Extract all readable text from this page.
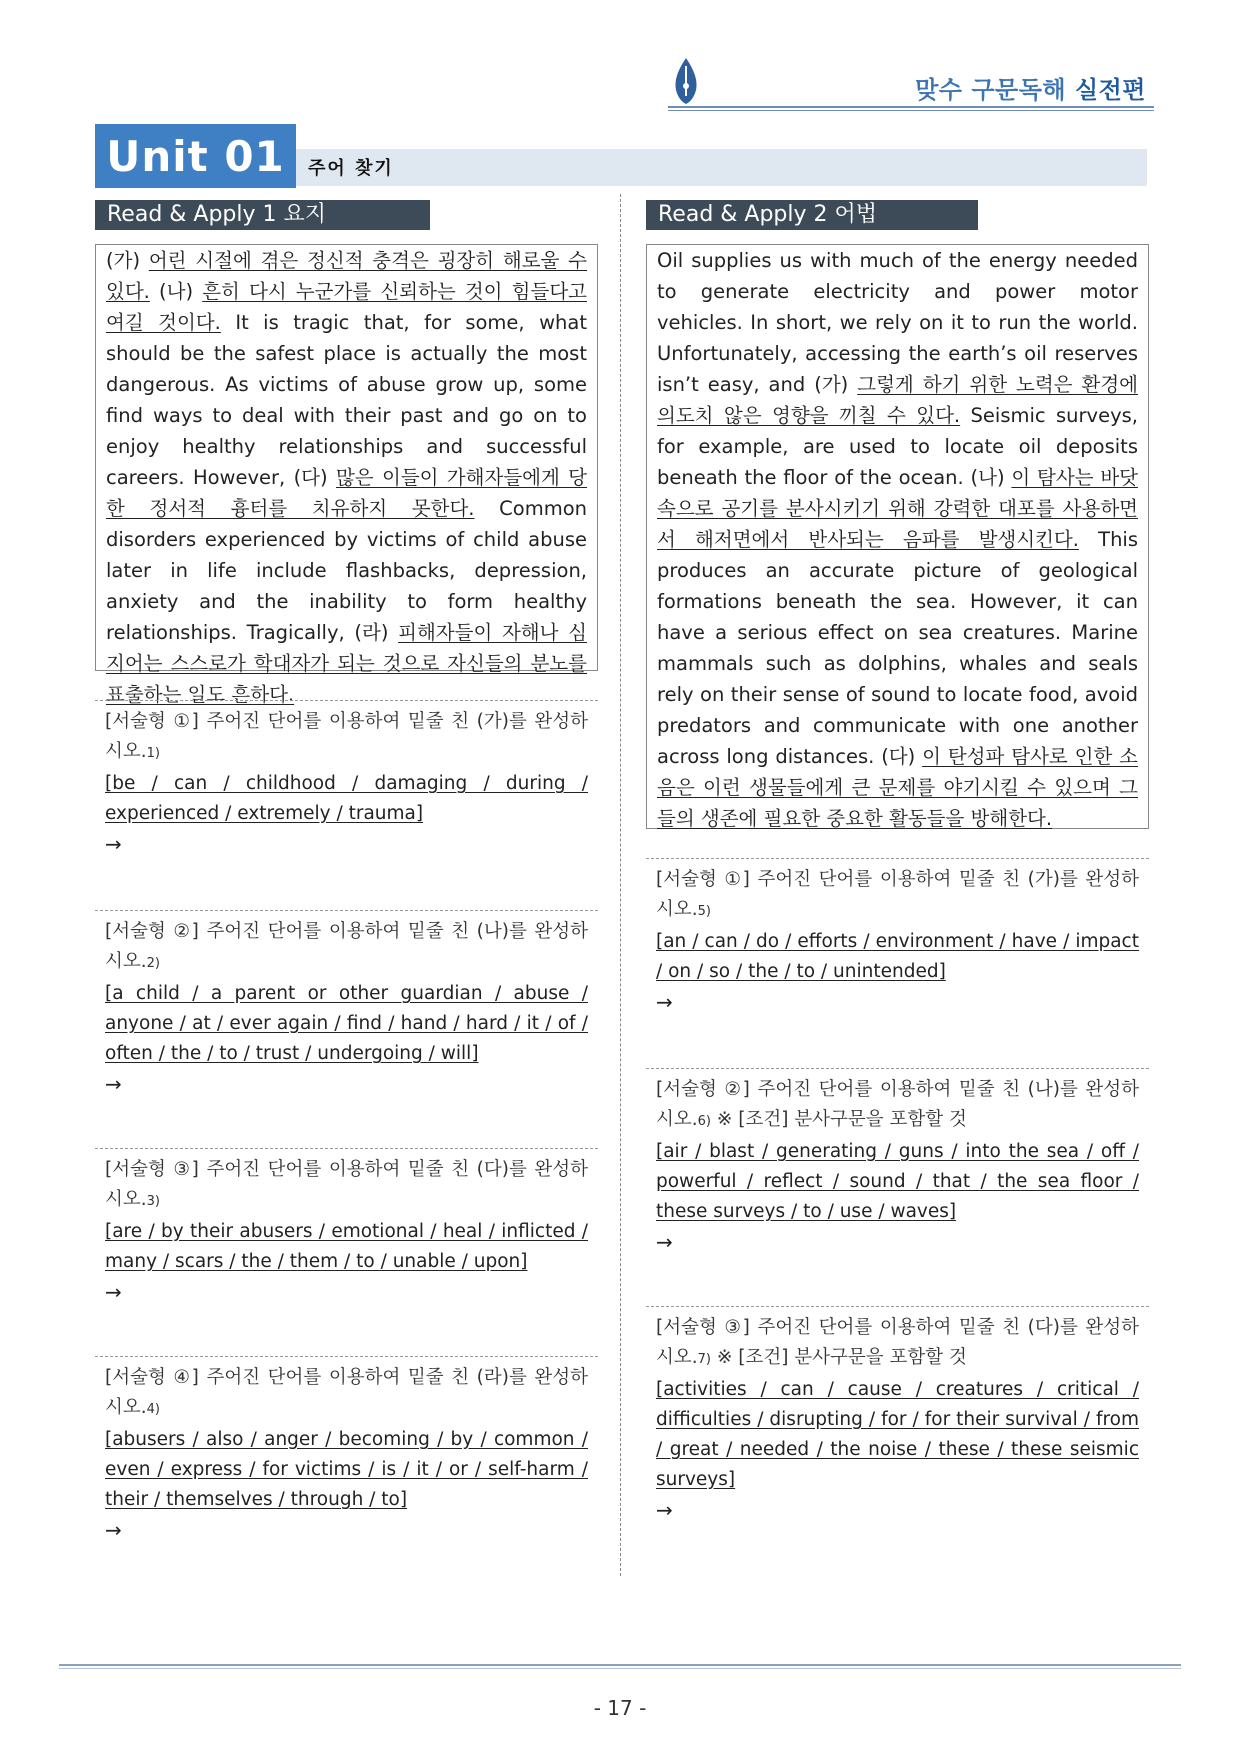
맞수 구문독해 실전편
Unit 01	주어 찾기
Read & Apply 1 요지	Read & Apply 2 어법
(가) 어린 시절에 겪은 정신적 충격은 굉장히 해로울 수 있다. (나) 흔히 다시 누군가를 신뢰하는 것이 힘들다고 여길 것이다. It is tragic that, for some, what should be the safest place is actually the most dangerous. As victims of abuse grow up, some find ways to deal with their past and go on to enjoy healthy relationships and successful careers. However, (다) 많은 이들이 가해자들에게 당한 정서적 흉터를 치유하지 못한다. Common disorders experienced by victims of child abuse later in life include flashbacks, depression, anxiety and the inability to form healthy relationships. Tragically, (라) 피해자들이 자해나 심지어는 스스로가 학대자가 되는 것으로 자신들의 분노를 표출하는 일도 흔하다.
[서술형 ①] 주어진 단어를 이용하여 밑줄 친 (가)를 완성하시오.1)
[be / can / childhood / damaging / during / experienced / extremely / trauma]
→
[서술형 ②] 주어진 단어를 이용하여 밑줄 친 (나)를 완성하시오.2)
[a child / a parent or other guardian / abuse / anyone / at / ever again / find / hand / hard / it / of / often / the / to / trust / undergoing / will]
→
[서술형 ③] 주어진 단어를 이용하여 밑줄 친 (다)를 완성하시오.3)
[are / by their abusers / emotional / heal / inflicted / many / scars / the / them / to / unable / upon]
→
[서술형 ④] 주어진 단어를 이용하여 밑줄 친 (라)를 완성하시오.4)
[abusers / also / anger / becoming / by / common / even / express / for victims / is / it / or / self-harm / their / themselves / through / to]
→
Oil supplies us with much of the energy needed to generate electricity and power motor vehicles. In short, we rely on it to run the world. Unfortunately, accessing the earth’s oil reserves isn’t easy, and (가) 그렇게 하기 위한 노력은 환경에 의도치 않은 영향을 끼칠 수 있다. Seismic surveys, for example, are used to locate oil deposits beneath the floor of the ocean. (나) 이 탐사는 바닷속으로 공기를 분사시키기 위해 강력한 대포를 사용하면서 해저면에서 반사되는 음파를 발생시킨다. This produces an accurate picture of geological formations beneath the sea. However, it can have a serious effect on sea creatures. Marine mammals such as dolphins, whales and seals rely on their sense of sound to locate food, avoid predators and communicate with one another across long distances. (다) 이 탄성파 탐사로 인한 소음은 이런 생물들에게 큰 문제를 야기시킬 수 있으며 그들의 생존에 필요한 중요한 활동들을 방해한다.
[서술형 ①] 주어진 단어를 이용하여 밑줄 친 (가)를 완성하시오.5)
[an / can / do / efforts / environment / have / impact / on / so / the / to / unintended]
→
[서술형 ②] 주어진 단어를 이용하여 밑줄 친 (나)를 완성하시오.6) ※ [조건] 분사구문을 포함할 것
[air / blast / generating / guns / into the sea / off / powerful / reflect / sound / that / the sea floor / these surveys / to / use / waves]
→
[서술형 ③] 주어진 단어를 이용하여 밑줄 친 (다)를 완성하시오.7) ※ [조건] 분사구문을 포함할 것
[activities / can / cause / creatures / critical / difficulties / disrupting / for / for their survival / from / great / needed / the noise / these / these seismic surveys]
→
- 17 -
